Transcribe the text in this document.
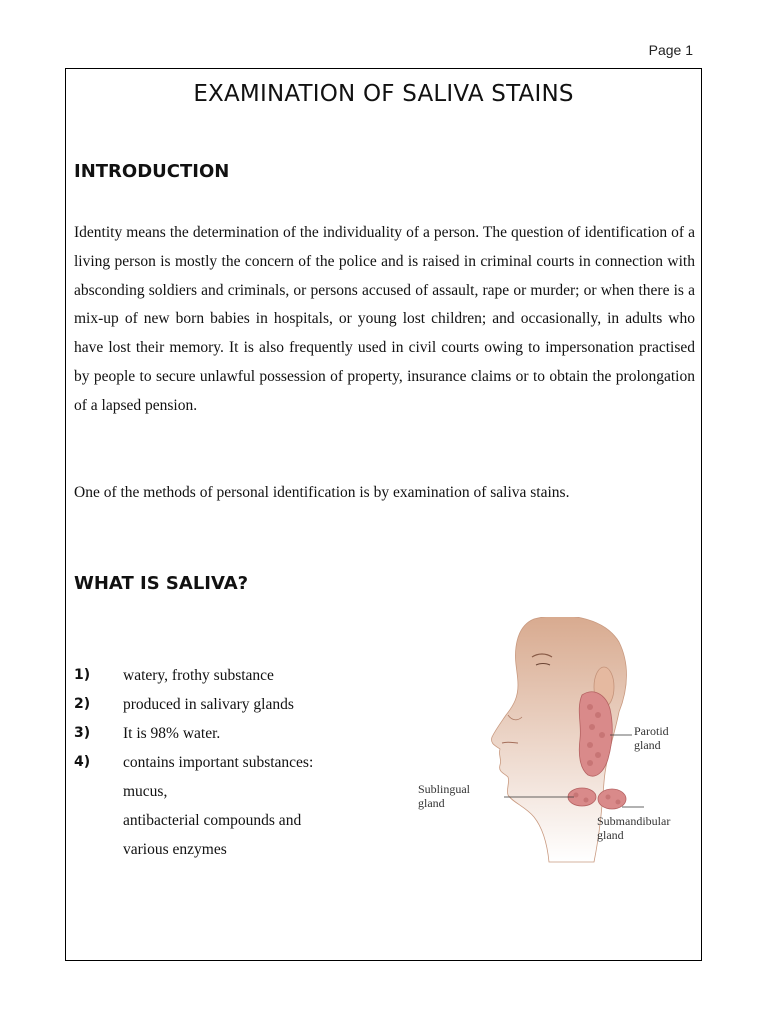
Page 1
EXAMINATION OF SALIVA STAINS
INTRODUCTION
Identity means the determination of the individuality of a person. The question of identification of a living person is mostly the concern of the police and is raised in criminal courts in connection with absconding soldiers and criminals, or persons accused of assault, rape or murder; or when there is a mix-up of new born babies in hospitals, or young lost children; and occasionally, in adults who have lost their memory. It is also frequently used in civil courts owing to impersonation practised by people to secure unlawful possession of property, insurance claims or to obtain the prolongation of a lapsed pension.
One of the methods of personal identification is by examination of saliva stains.
WHAT IS SALIVA?
1) watery, frothy substance
2) produced in salivary glands
3) It is 98% water.
4) contains important substances:
mucus,
antibacterial compounds and
various enzymes
Parotid
gland
Sublingual
gland
Submandibular
gland
